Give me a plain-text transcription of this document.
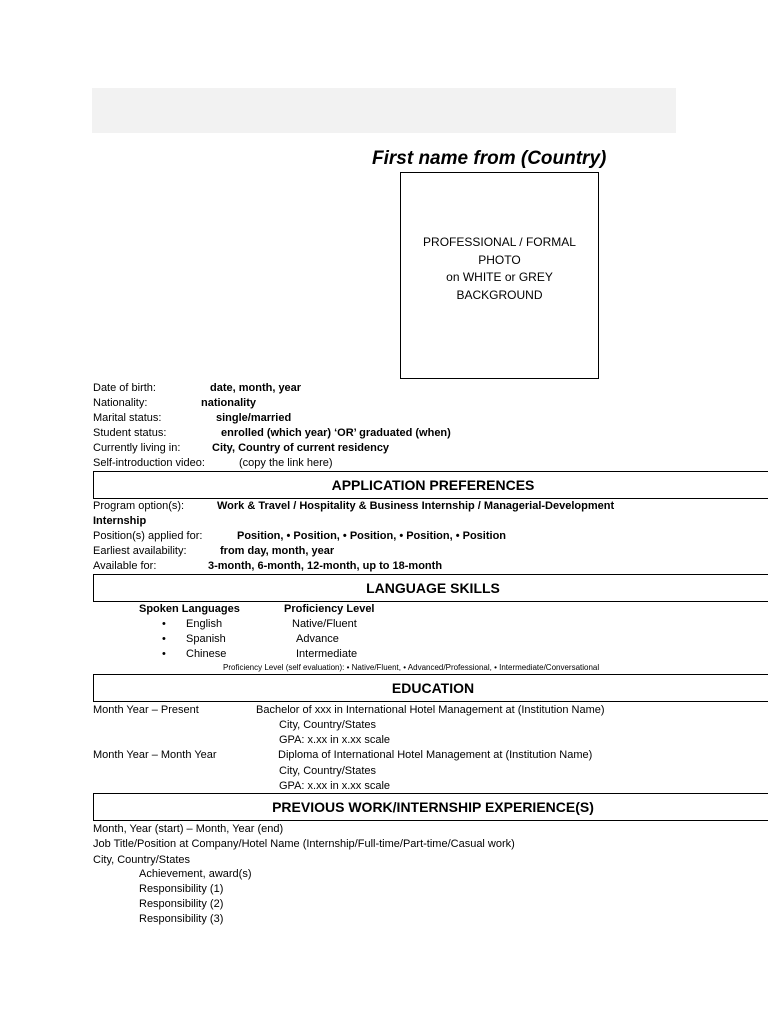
First name from (Country)
PROFESSIONAL / FORMAL
PHOTO
on WHITE or GREY
BACKGROUND
Date of birth:	date, month, year
Nationality:	nationality
Marital status:	single/married
Student status:	enrolled (which year) ‘OR’ graduated (when)
Currently living in:	City, Country of current residency
Self-introduction video:	(copy the link here)
APPLICATION PREFERENCES
Program option(s):	Work & Travel / Hospitality & Business Internship / Managerial-Development
Internship
Position(s) applied for:	Position, • Position, • Position, • Position, • Position
Earliest availability:	from day, month, year
Available for:	3-month, 6-month, 12-month, up to 18-month
LANGUAGE SKILLS
Spoken Languages	Proficiency Level
• English	Native/Fluent
• Spanish	Advance
• Chinese	Intermediate
Proficiency Level (self evaluation): • Native/Fluent, • Advanced/Professional, • Intermediate/Conversational
EDUCATION
Month Year – Present	Bachelor of xxx in International Hotel Management at (Institution Name)
City, Country/States
GPA: x.xx in x.xx scale
Month Year – Month Year	Diploma of International Hotel Management at (Institution Name)
City, Country/States
GPA: x.xx in x.xx scale
PREVIOUS WORK/INTERNSHIP EXPERIENCE(S)
Month, Year (start) – Month, Year (end)
Job Title/Position at Company/Hotel Name (Internship/Full-time/Part-time/Casual work)
City, Country/States
Achievement, award(s)
Responsibility (1)
Responsibility (2)
Responsibility (3)
